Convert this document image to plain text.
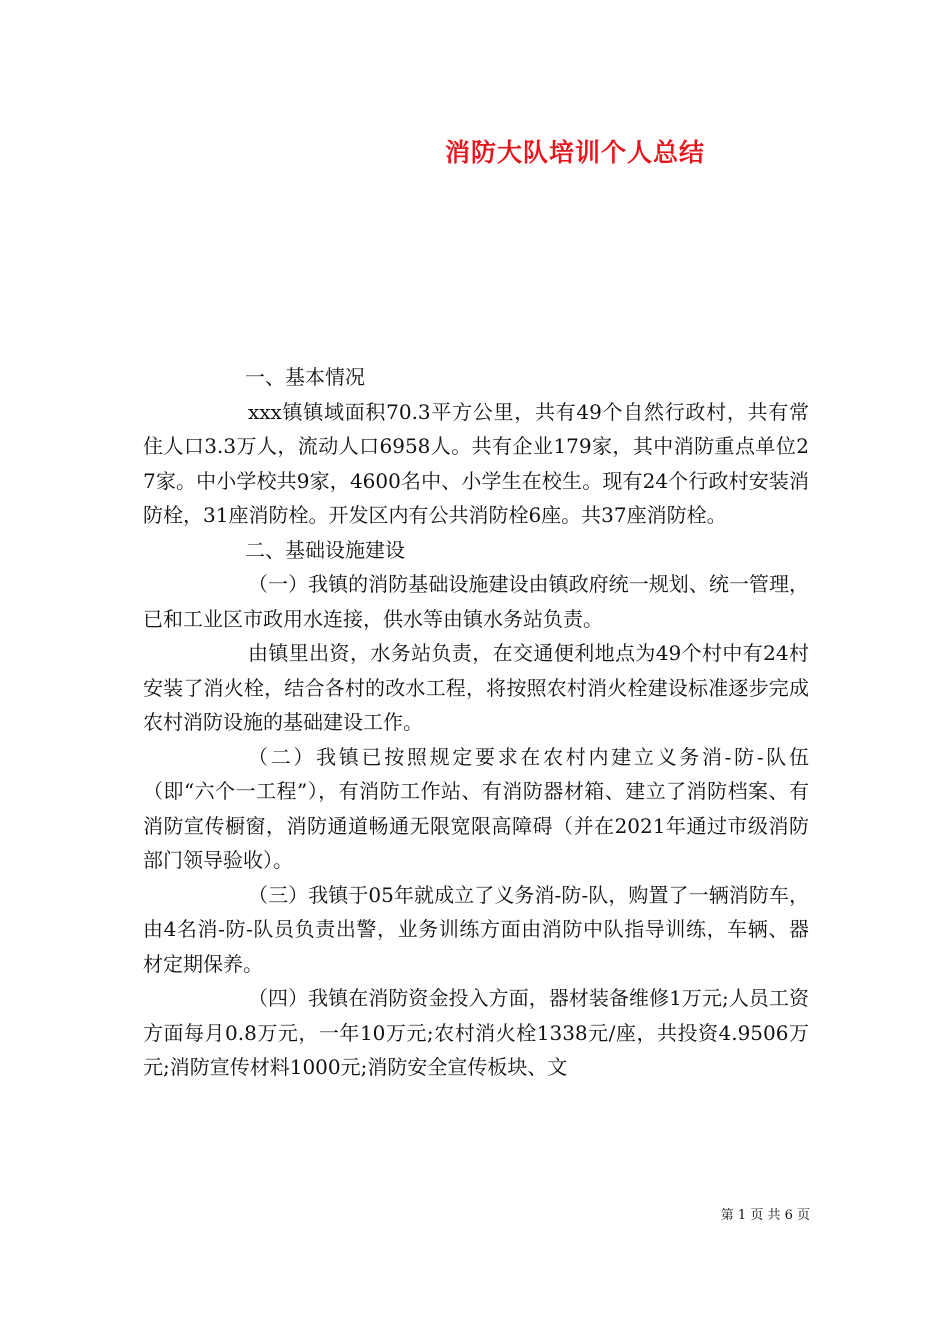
消防大队培训个人总结

一、基本情况

xxx镇镇域面积70.3平方公里，共有49个自然行政村，共有常住人口3.3万人，流动人口6958人。共有企业179家，其中消防重点单位27家。中小学校共9家，4600名中、小学生在校生。现有24个行政村安装消防栓，31座消防栓。开发区内有公共消防栓6座。共37座消防栓。

二、基础设施建设

（一）我镇的消防基础设施建设由镇政府统一规划、统一管理，已和工业区市政用水连接，供水等由镇水务站负责。

由镇里出资，水务站负责，在交通便利地点为49个村中有24村安装了消火栓，结合各村的改水工程，将按照农村消火栓建设标准逐步完成农村消防设施的基础建设工作。

（二）我镇已按照规定要求在农村内建立义务消-防-队伍（即“六个一工程”），有消防工作站、有消防器材箱、建立了消防档案、有消防宣传橱窗，消防通道畅通无限宽限高障碍（并在2021年通过市级消防部门领导验收）。

（三）我镇于05年就成立了义务消-防-队，购置了一辆消防车，由4名消-防-队员负责出警，业务训练方面由消防中队指导训练，车辆、器材定期保养。

（四）我镇在消防资金投入方面，器材装备维修1万元;人员工资方面每月0.8万元，一年10万元;农村消火栓1338元/座，共投资4.9506万元;消防宣传材料1000元;消防安全宣传板块、文

第 1 页 共 6 页
